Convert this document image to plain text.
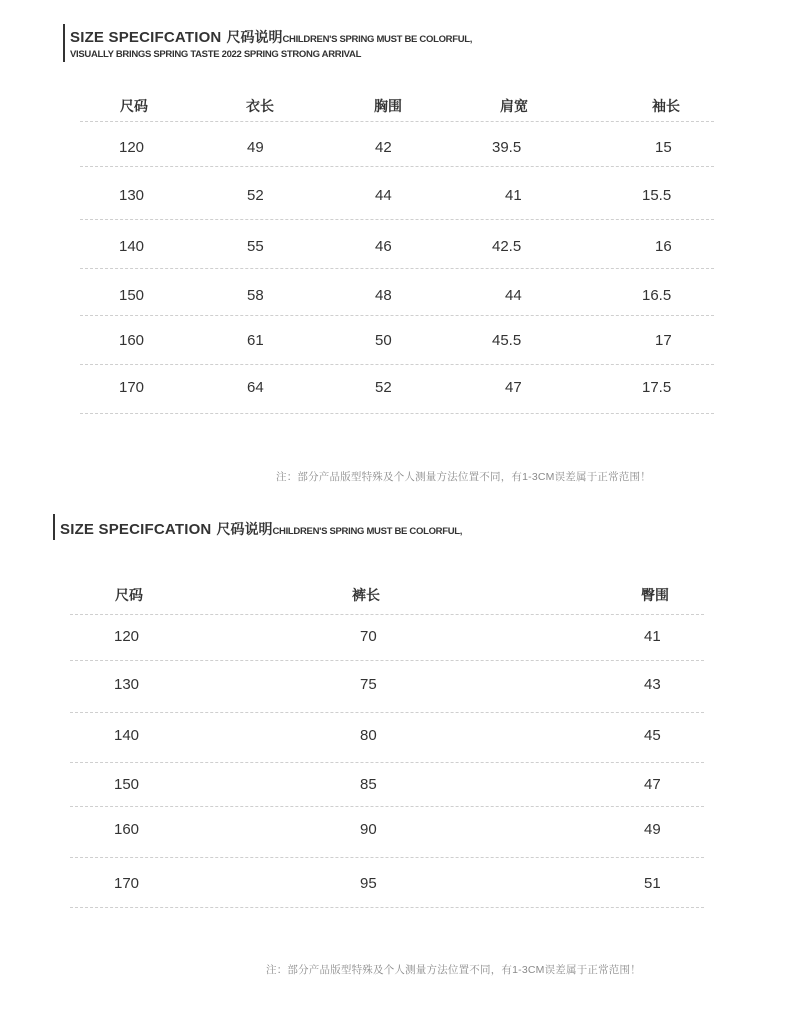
SIZE SPECIFCATION 尺码说明CHILDREN'S SPRING MUST BE COLORFUL,
VISUALLY BRINGS SPRING TASTE 2022 SPRING STRONG ARRIVAL
尺码	衣长	胸围	肩宽	袖长
120	49	42	39.5	15
130	52	44	41	15.5
140	55	46	42.5	16
150	58	48	44	16.5
160	61	50	45.5	17
170	64	52	47	17.5
注：部分产品版型特殊及个人测量方法位置不同，有1-3CM误差属于正常范围！
SIZE SPECIFCATION 尺码说明CHILDREN'S SPRING MUST BE COLORFUL,
尺码	裤长	臀围
120	70	41
130	75	43
140	80	45
150	85	47
160	90	49
170	95	51
注：部分产品版型特殊及个人测量方法位置不同，有1-3CM误差属于正常范围！
